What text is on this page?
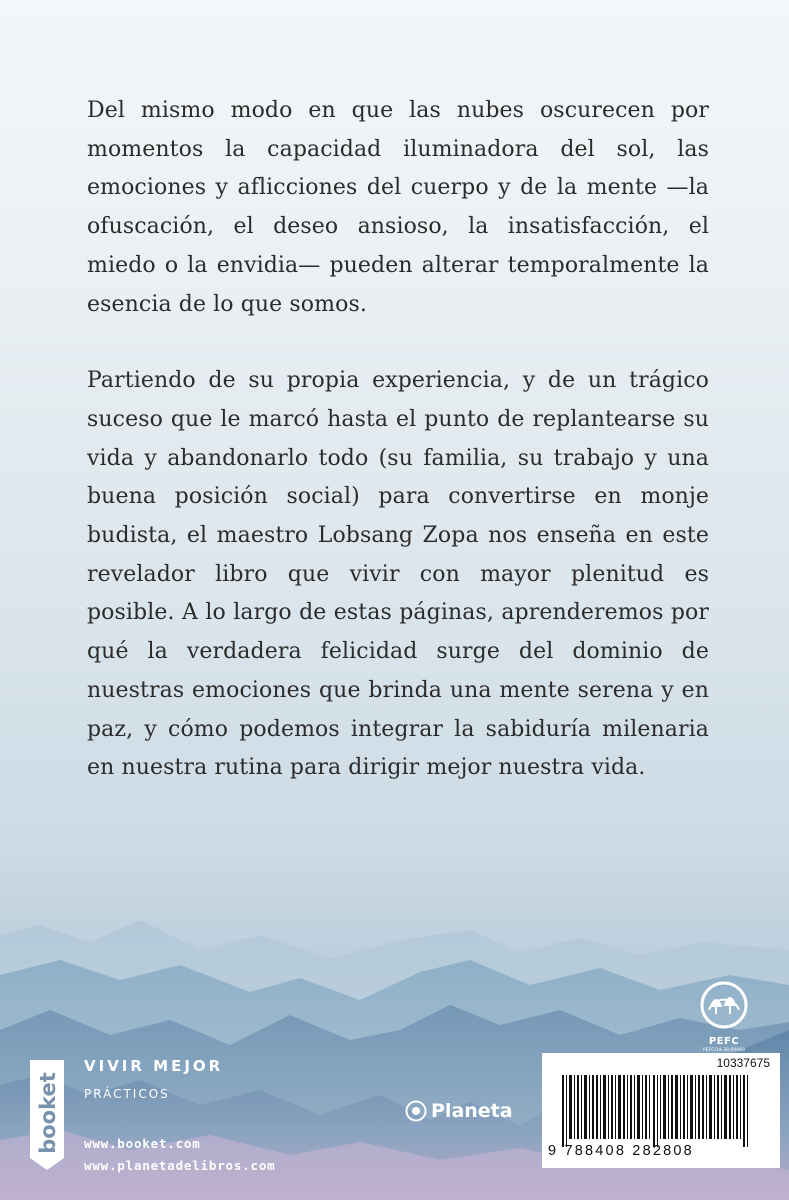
Del mismo modo en que las nubes oscurecen por momentos la capacidad iluminadora del sol, las emociones y aflicciones del cuerpo y de la mente —la ofuscación, el deseo ansioso, la insatisfacción, el miedo o la envidia— pueden alterar temporalmente la esencia de lo que somos.

Partiendo de su propia experiencia, y de un trágico suceso que le marcó hasta el punto de replantearse su vida y abandonarlo todo (su familia, su trabajo y una buena posición social) para convertirse en monje budista, el maestro Lobsang Zopa nos enseña en este revelador libro que vivir con mayor plenitud es posible. A lo largo de estas páginas, aprenderemos por qué la verdadera felicidad surge del dominio de nuestras emociones que brinda una mente serena y en paz, y cómo podemos integrar la sabiduría milenaria en nuestra rutina para dirigir mejor nuestra vida.

booket
VIVIR MEJOR
PRÁCTICOS
www.booket.com
www.planetadelibros.com
Planeta
PEFC
PEFC/14-38-00069
10337675
9 788408 282808
